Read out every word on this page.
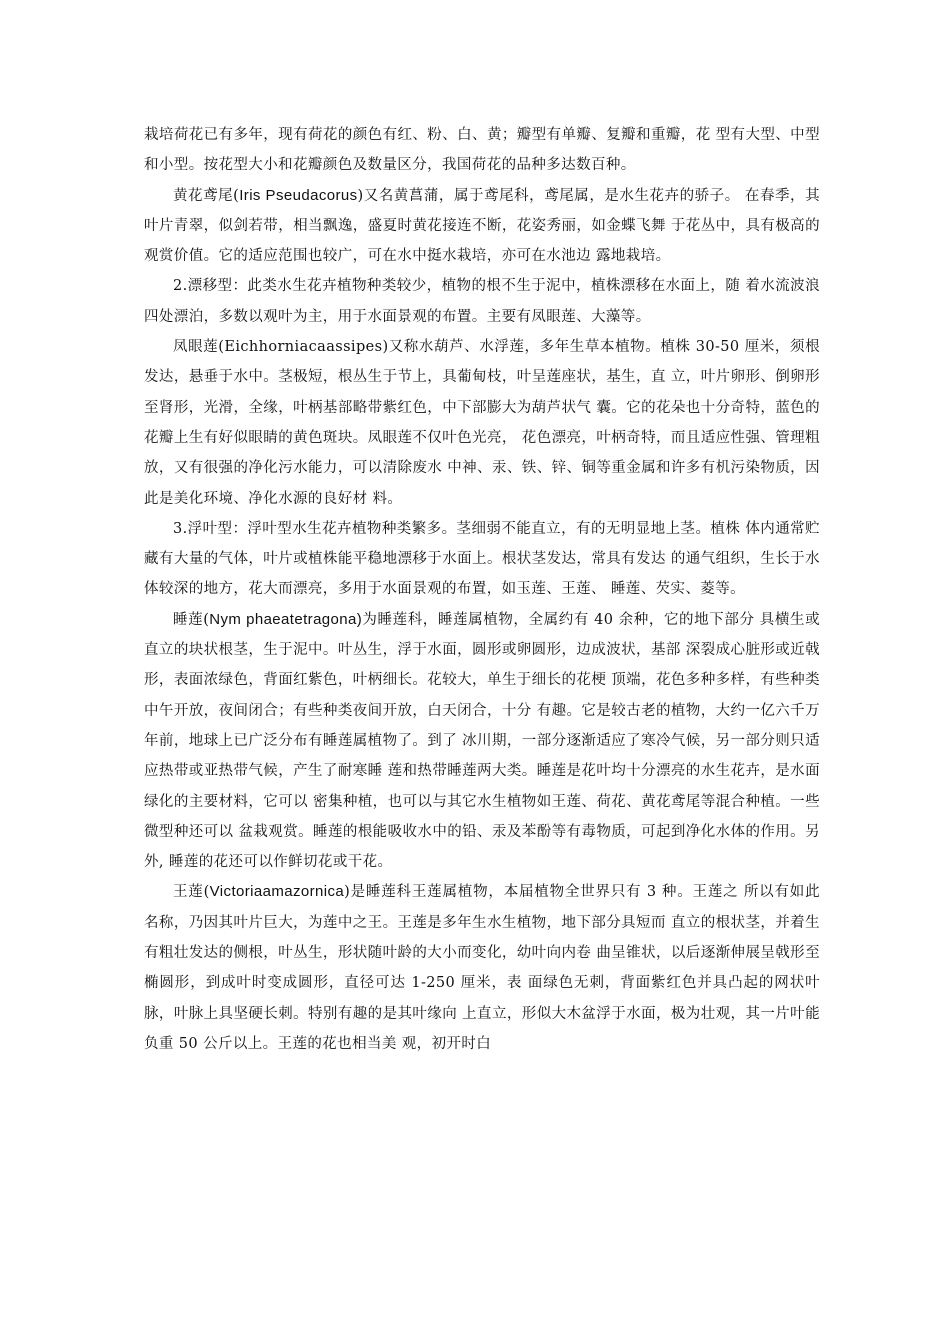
栽培荷花已有多年，现有荷花的颜色有红、粉、白、黄；瓣型有单瓣、复瓣和重瓣，花 型有大型、中型和小型。按花型大小和花瓣颜色及数量区分，我国荷花的品种多达数百种。

黄花鸢尾(Iris Pseudacorus)又名黄菖蒲，属于鸢尾科，鸢尾属，是水生花卉的骄子。 在春季，其叶片青翠，似剑若带，相当飘逸，盛夏时黄花接连不断，花姿秀丽，如金蝶飞舞 于花丛中，具有极高的观赏价值。它的适应范围也较广，可在水中挺水栽培，亦可在水池边 露地栽培。

2.漂移型：此类水生花卉植物种类较少，植物的根不生于泥中，植株漂移在水面上，随 着水流波浪四处漂泊，多数以观叶为主，用于水面景观的布置。主要有凤眼莲、大藻等。

凤眼莲(Eichhorniacaassipes)又称水葫芦、水浮莲，多年生草本植物。植株 30-50 厘米，须根发达，悬垂于水中。茎极短，根丛生于节上，具葡甸枝，叶呈莲座状，基生，直 立，叶片卵形、倒卵形至肾形，光滑，全缘，叶柄基部略带紫红色，中下部膨大为葫芦状气 囊。它的花朵也十分奇特，蓝色的花瓣上生有好似眼睛的黄色斑块。凤眼莲不仅叶色光亮， 花色漂亮，叶柄奇特，而且适应性强、管理粗放，又有很强的净化污水能力，可以清除废水 中神、汞、铁、锌、铜等重金属和许多有机污染物质，因此是美化环境、净化水源的良好材 料。

3.浮叶型：浮叶型水生花卉植物种类繁多。茎细弱不能直立，有的无明显地上茎。植株 体内通常贮藏有大量的气体，叶片或植株能平稳地漂移于水面上。根状茎发达，常具有发达 的通气组织，生长于水体较深的地方，花大而漂亮，多用于水面景观的布置，如玉莲、王莲、 睡莲、芡实、菱等。

睡莲(Nym phaeatetragona)为睡莲科，睡莲属植物，全属约有 40 余种，它的地下部分 具横生或直立的块状根茎，生于泥中。叶丛生，浮于水面，圆形或卵圆形，边成波状，基部 深裂成心脏形或近戟形，表面浓绿色，背面红紫色，叶柄细长。花较大，单生于细长的花梗 顶端，花色多种多样，有些种类中午开放，夜间闭合；有些种类夜间开放，白天闭合，十分 有趣。它是较古老的植物，大约一亿六千万年前，地球上已广泛分布有睡莲属植物了。到了 冰川期，一部分逐渐适应了寒冷气候，另一部分则只适应热带或亚热带气候，产生了耐寒睡 莲和热带睡莲两大类。睡莲是花叶均十分漂亮的水生花卉，是水面绿化的主要材料，它可以 密集种植，也可以与其它水生植物如王莲、荷花、黄花鸢尾等混合种植。一些微型种还可以 盆栽观赏。睡莲的根能吸收水中的铅、汞及苯酚等有毒物质，可起到净化水体的作用。另外, 睡莲的花还可以作鲜切花或干花。

王莲(Victoriaamazornica)是睡莲科王莲属植物，本届植物全世界只有 3 种。王莲之 所以有如此名称，乃因其叶片巨大，为莲中之王。王莲是多年生水生植物，地下部分具短而 直立的根状茎，并着生有粗壮发达的侧根，叶丛生，形状随叶龄的大小而变化，幼叶向内卷 曲呈锥状，以后逐渐伸展呈戟形至椭圆形，到成叶时变成圆形，直径可达 1-250 厘米，表 面绿色无刺，背面紫红色并具凸起的网状叶脉，叶脉上具坚硬长刺。特别有趣的是其叶缘向 上直立，形似大木盆浮于水面，极为壮观，其一片叶能负重 50 公斤以上。王莲的花也相当美 观，初开时白
